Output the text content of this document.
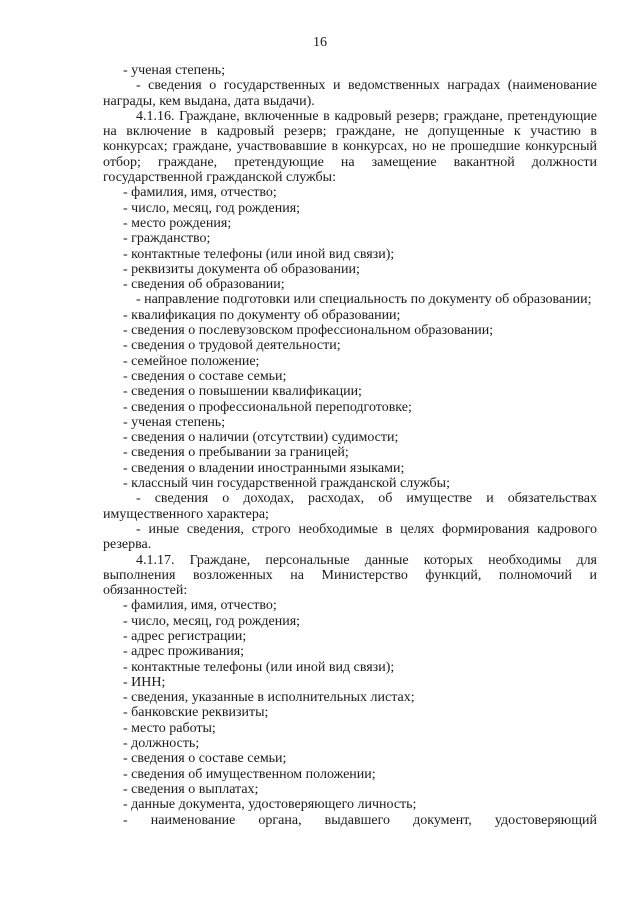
16

- ученая степень;

- сведения о государственных и ведомственных наградах (наименование награды, кем выдана, дата выдачи).

4.1.16. Граждане, включенные в кадровый резерв; граждане, претендующие на включение в кадровый резерв; граждане, не допущенные к участию в конкурсах; граждане, участвовавшие в конкурсах, но не прошедшие конкурсный отбор; граждане, претендующие на замещение вакантной должности государственной гражданской службы:

- фамилия, имя, отчество;

- число, месяц, год рождения;

- место рождения;

- гражданство;

- контактные телефоны (или иной вид связи);

- реквизиты документа об образовании;

- сведения об образовании;

- направление подготовки или специальность по документу об образовании;

- квалификация по документу об образовании;

- сведения о послевузовском профессиональном образовании;

- сведения о трудовой деятельности;

- семейное положение;

- сведения о составе семьи;

- сведения о повышении квалификации;

- сведения о профессиональной переподготовке;

- ученая степень;

- сведения о наличии (отсутствии) судимости;

- сведения о пребывании за границей;

- сведения о владении иностранными языками;

- классный чин государственной гражданской службы;

- сведения о доходах, расходах, об имуществе и обязательствах имущественного характера;

- иные сведения, строго необходимые в целях формирования кадрового резерва.

4.1.17. Граждане, персональные данные которых необходимы для выполнения возложенных на Министерство функций, полномочий и обязанностей:

- фамилия, имя, отчество;

- число, месяц, год рождения;

- адрес регистрации;

- адрес проживания;

- контактные телефоны (или иной вид связи);

- ИНН;

- сведения, указанные в исполнительных листах;

- банковские реквизиты;

- место работы;

- должность;

- сведения о составе семьи;

- сведения об имущественном положении;

- сведения о выплатах;

- данные документа, удостоверяющего личность;

- наименование органа, выдавшего документ, удостоверяющий
